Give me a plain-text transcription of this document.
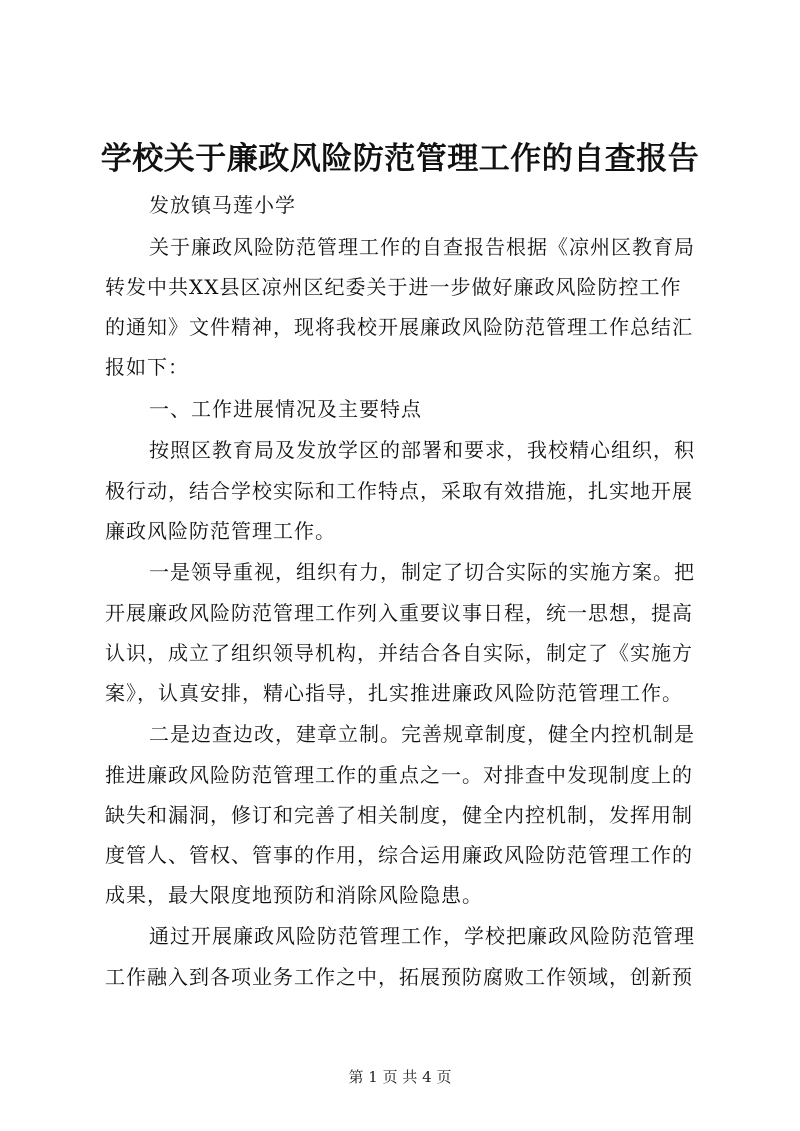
学校关于廉政风险防范管理工作的自查报告
发放镇马莲小学
关于廉政风险防范管理工作的自查报告根据《凉州区教育局
转发中共XX县区凉州区纪委关于进一步做好廉政风险防控工作
的通知》文件精神，现将我校开展廉政风险防范管理工作总结汇
报如下：
一、工作进展情况及主要特点
按照区教育局及发放学区的部署和要求，我校精心组织，积
极行动，结合学校实际和工作特点，采取有效措施，扎实地开展
廉政风险防范管理工作。
一是领导重视，组织有力，制定了切合实际的实施方案。把
开展廉政风险防范管理工作列入重要议事日程，统一思想，提高
认识，成立了组织领导机构，并结合各自实际，制定了《实施方
案》，认真安排，精心指导，扎实推进廉政风险防范管理工作。
二是边查边改，建章立制。完善规章制度，健全内控机制是
推进廉政风险防范管理工作的重点之一。对排查中发现制度上的
缺失和漏洞，修订和完善了相关制度，健全内控机制，发挥用制
度管人、管权、管事的作用，综合运用廉政风险防范管理工作的
成果，最大限度地预防和消除风险隐患。
通过开展廉政风险防范管理工作，学校把廉政风险防范管理
工作融入到各项业务工作之中，拓展预防腐败工作领域，创新预
第 1 页 共 4 页
